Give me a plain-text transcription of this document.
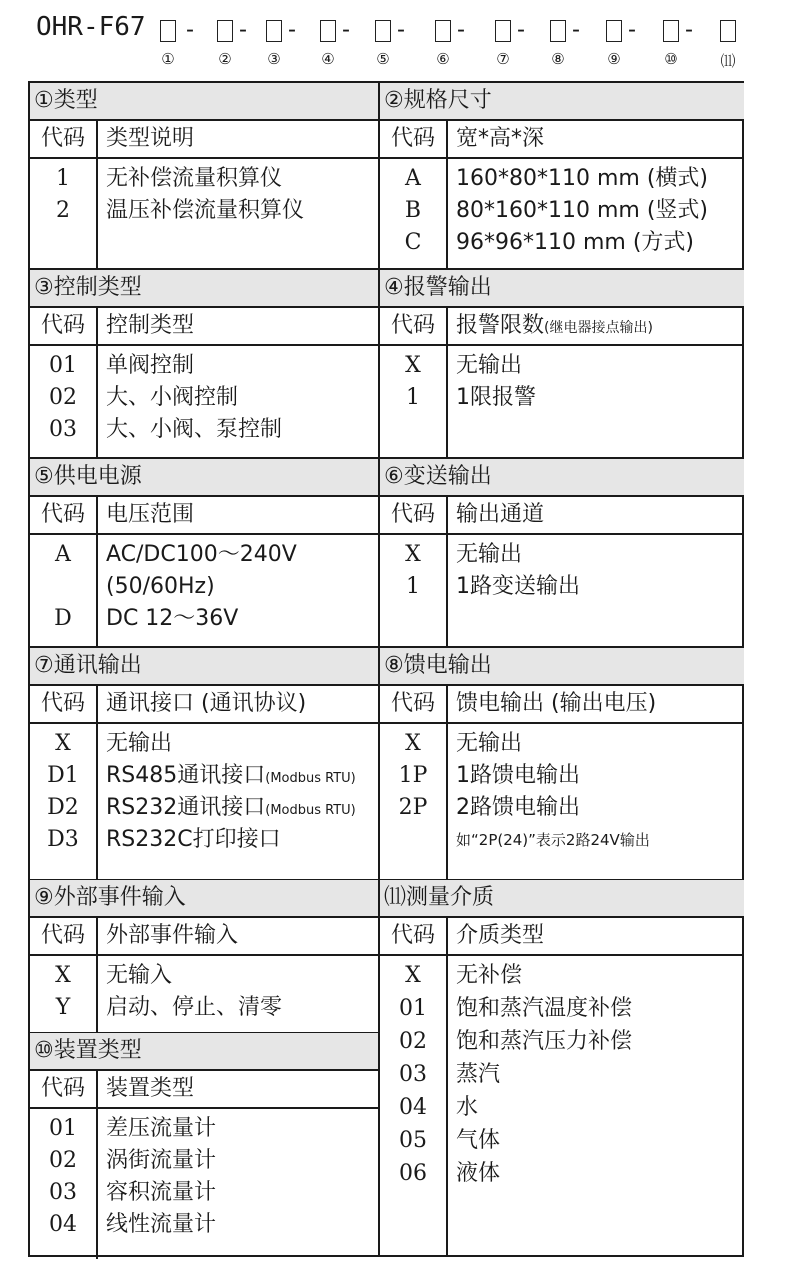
OHR-F67 -
①
-
②
-
③
-
④
-
⑤
-
⑥
-
⑦
-
⑧
-
⑨
-
⑩	⑾
①类型
代码 类型说明
1	无补偿流量积算仪
2	温压补偿流量积算仪
③控制类型
代码 控制类型
01	单阀控制
02	大、小阀控制
03	大、小阀、泵控制
⑤供电电源
代码 电压范围
A	AC/DC100～240V
(50/60Hz)
D	DC 12～36V
⑦通讯输出
代码 通讯接口 (通讯协议)
X	无输出
D1	RS485通讯接口(Modbus RTU)
D2	RS232通讯接口(Modbus RTU)
D3	RS232C打印接口
⑨外部事件输入
代码 外部事件输入
X	无输入
Y	启动、停止、清零
⑩装置类型
代码 装置类型
01	差压流量计
02	涡街流量计
03	容积流量计
04	线性流量计
②规格尺寸
代码 宽*高*深
A	160*80*110 mm (横式)
B	80*160*110 mm (竖式)
C	96*96*110 mm (方式)
④报警输出
代码 报警限数(继电器接点输出)
X	无输出
1	1限报警
⑥变送输出
代码 输出通道
X	无输出
1	1路变送输出
⑧馈电输出
代码 馈电输出 (输出电压)
X	无输出
1P	1路馈电输出
2P	2路馈电输出
如“2P(24)”表示2路24V输出
⑾测量介质
代码 介质类型
X	无补偿
01	饱和蒸汽温度补偿
02	饱和蒸汽压力补偿
03	蒸汽
04	水
05	气体
06	液体
